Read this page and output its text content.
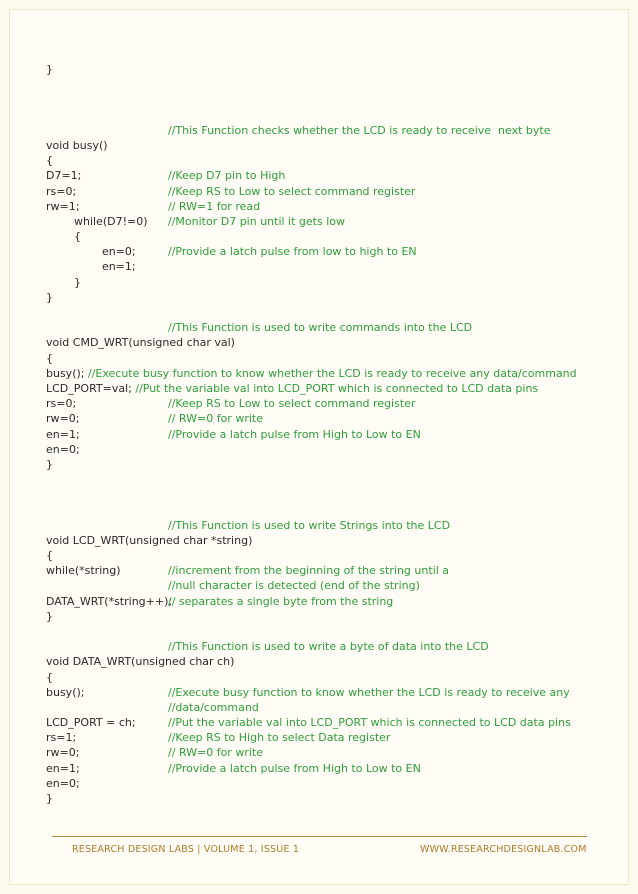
}
//This Function checks whether the LCD is ready to receive  next byte
void busy()
{
D7=1;	//Keep D7 pin to High
rs=0;	//Keep RS to Low to select command register
rw=1;	// RW=1 for read
while(D7!=0) //Monitor D7 pin until it gets low
{
en=0;	//Provide a latch pulse from low to high to EN
en=1;
}
}
//This Function is used to write commands into the LCD
void CMD_WRT(unsigned char val)
{
busy(); //Execute busy function to know whether the LCD is ready to receive any data/command
LCD_PORT=val; //Put the variable val into LCD_PORT which is connected to LCD data pins
rs=0;	//Keep RS to Low to select command register
rw=0;	// RW=0 for write
en=1;	//Provide a latch pulse from High to Low to EN
en=0;
}
//This Function is used to write Strings into the LCD
void LCD_WRT(unsigned char *string)
{
while(*string)	//increment from the beginning of the string until a
//null character is detected (end of the string)
DATA_WRT(*string++);
// separates a single byte from the string
}
//This Function is used to write a byte of data into the LCD
void DATA_WRT(unsigned char ch)
{
busy();	//Execute busy function to know whether the LCD is ready to receive any
//data/command
LCD_PORT = ch;	//Put the variable val into LCD_PORT which is connected to LCD data pins
rs=1;	//Keep RS to High to select Data register
rw=0;	// RW=0 for write
en=1;	//Provide a latch pulse from High to Low to EN
en=0;
}
RESEARCH DESIGN LABS | VOLUME 1, ISSUE 1	WWW.RESEARCHDESIGNLAB.COM
